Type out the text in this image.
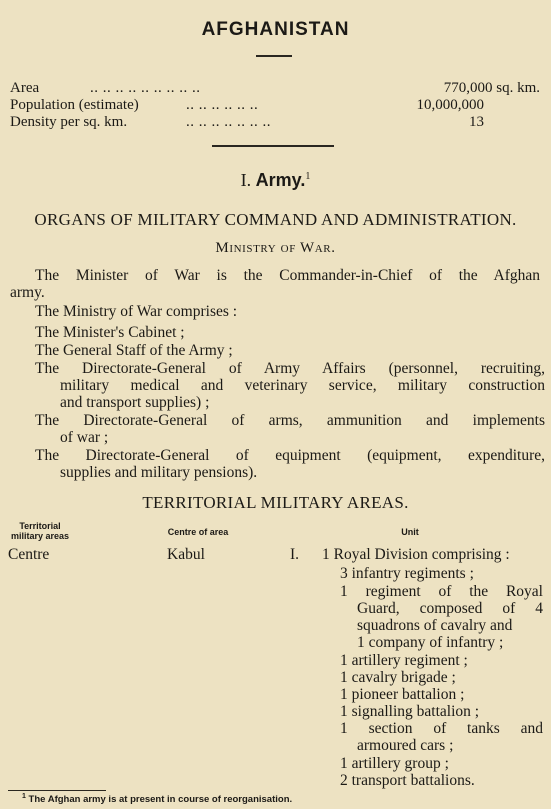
AFGHANISTAN
Area	.. .. .. .. .. .. .. .. ..	770,000 sq. km.
Population (estimate)	.. .. .. .. .. ..	10,000,000
Density per sq. km.	.. .. .. .. .. .. ..	13
I. Army.$^1$
ORGANS OF MILITARY COMMAND AND ADMINISTRATION.
Ministry of War.
The Minister of War is the Commander-in-Chief of the Afghan
army.
The Ministry of War comprises :
The Minister's Cabinet ;
The General Staff of the Army ;
The Directorate-General of Army Affairs (personnel, recruiting,
military medical and veterinary service, military construction
and transport supplies) ;
The Directorate-General of arms, ammunition and implements
of war ;
The Directorate-General of equipment (equipment, expenditure,
supplies and military pensions).
TERRITORIAL MILITARY AREAS.
Territorial
military areas	Centre of area	Unit
Centre	Kabul	I. 1 Royal Division comprising :
3 infantry regiments ;
1 regiment of the Royal
Guard, composed of 4
squadrons of cavalry and
1 company of infantry ;
1 artillery regiment ;
1 cavalry brigade ;
1 pioneer battalion ;
1 signalling battalion ;
1 section of tanks and
armoured cars ;
1 artillery group ;
2 transport battalions.
$^1$ The Afghan army is at present in course of reorganisation.
